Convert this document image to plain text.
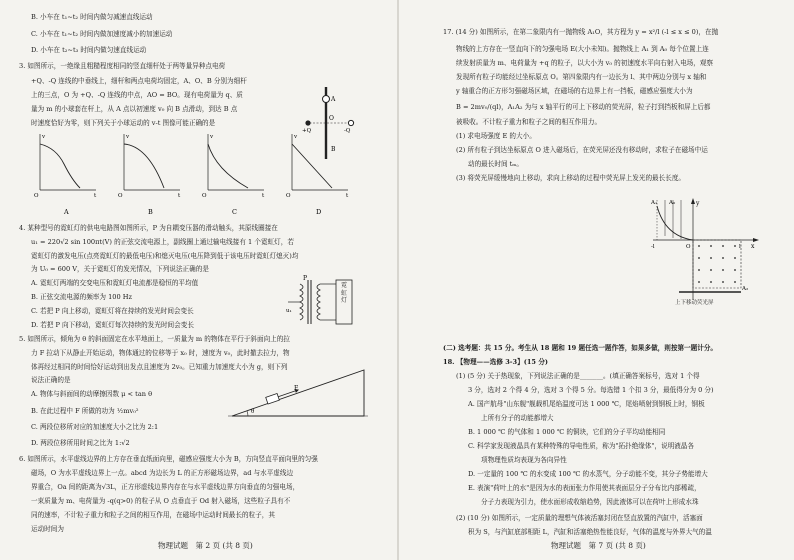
B. 小车在 t₁~t₂ 时间内做匀减速直线运动
C. 小车在 t₁~t₂ 时间内做加速度减小的加速运动
D. 小车在 t₂~t₃ 时间内做匀速直线运动
3. 如图所示，一绝缘且粗糙程度相同的竖直细杆处于两等量异种点电荷
+Q、-Q 连线的中垂线上，细杆和两点电荷均固定，A、O、B 分别为细杆
上的三点，O 为 +Q、-Q 连线的中点，AO = BO。现有电荷量为 q、质
量为 m 的小球套在杆上，从 A 点以初速度 v₀ 向 B 点滑动，到达 B 点
时速度恰好为零，则下列关于小球运动的 v-t 图像可能正确的是
4. 某种型号的霓虹灯的供电电路图如图所示，P 为自耦变压器的滑动触头，其原线圈接在
u₁ = 220√2 sin 100πt(V) 的正弦交流电源上，副线圈上通过输电线接有 1 个霓虹灯，若
霓虹灯的激发电压(点亮霓虹灯的最低电压)和熄灭电压(电压降到低于该电压时霓虹灯熄灭)均
为 U₀ = 600 V，关于霓虹灯的发光情况，下列说法正确的是
A. 霓虹灯两端的交变电压和霓虹灯电流都是稳恒的平均值
B. 正弦交流电源的频率为 100 Hz
C. 若把 P 向上移动，霓虹灯将在持续的发光时间会变长
D. 若把 P 向下移动，霓虹灯每次持续的发光时间会变长
5. 如图所示，倾角为 θ 的斜面固定在水平地面上，一质量为 m 的物体在平行于斜面向上的拉
力 F 拉动下从静止开始运动，物体通过的位移等于 x₀ 时，速度为 v₀，此时撤去拉力，物
体再经过相同的时间恰好运动到出发点且速度为 2v₀。已知重力加速度大小为 g，则下列
说法正确的是
A. 物体与斜面间的动摩擦因数 μ < tan θ
B. 在此过程中 F 所做的功为 ½mv₀²
C. 两段位移所对应的加速度大小之比为 2:1
D. 两段位移所用时间之比为 1:√2
6. 如图所示，水平虚线边界的上方存在垂直纸面向里，磁感应强度大小为 B，方向竖直平面向里的匀强
磁场，O 为水平虚线边界上一点。abcd 为边长为 L 的正方形磁场边界，ad 与水平虚线边
界重合，Oa 间的距离为√3L，正方形虚线边界内存在与水平虚线边界方向垂直的匀强电场，
一束质量为 m、电荷量为 -q(q>0) 的粒子从 O 点垂直于 Od 射入磁场，这些粒子具有不
同的速率，不计粒子重力和粒子之间的相互作用，在磁场中运动时间最长的粒子，其
运动时间为
A
O
B
+Q	-Q
v
t
O
A
v
t
O
B
v
t
O
C
v
t
O
D
P
u₁
霓虹灯
F
θ
物理试题　第 2 页 (共 8 页)
17. (14 分) 如图所示，在第二象限内有一抛物线 A₁O，其方程为 y = x²/l (-l ≤ x ≤ 0)，在抛
物线的上方存在一竖直向下的匀强电场 E(大小未知)。抛物线上 A₁ 到 A₀ 每个位置上连
续发射质量为 m、电荷量为 +q 的粒子，以大小为 v₀ 的初速度水平向右射入电场，观察
发现所有粒子均能经过坐标原点 O。第四象限内有一边长为 l、其中两边分别与 x 轴和
y 轴重合的正方形匀强磁场区域，在磁场的右边界上有一挡板，磁感应强度大小为
B = 2mv₀/(ql)，A₁A₂ 为与 x 轴平行的可上下移动的荧光屏，粒子打到挡板和屏上后都
被吸收。不计粒子重力和粒子之间的相互作用力。
(1) 求电场强度 E 的大小。
(2) 所有粒子到达坐标原点 O 进入磁场后，在荧光屏还没有移动时，求粒子在磁场中运
动的最长时间 tₘ。
(3) 将荧光屏缓慢地向上移动，求向上移动的过程中荧光屏上发光的最长长度。
(二) 选考题：共 15 分。考生从 18 题和 19 题任选一题作答，如果多做，则按第一题计分。
18. 【物理——选修 3-3】(15 分)
(1) (5 分) 关于热现象，下列说法正确的是_______。(填正确答案标号，选对 1 个得
3 分，选对 2 个得 4 分，选对 3 个得 5 分。每选错 1 个扣 3 分，最低得分为 0 分)
A. 国产航母"山东舰"舰载机尾焰温度可达 1 000 ℃，尾焰喷射到钢板上时，钢板
上所有分子的动能都增大
B. 1 000 ℃ 的气体和 1 000 ℃ 的铜块，它们的分子平均动能相同
C. 科学家发现液晶具有某种特殊的导电性质，称为"拓扑绝缘体"，说明液晶各
项物理性质均表现为各向异性
D. 一定量的 100 ℃ 的水变成 100 ℃ 的水蒸气，分子动能不变，其分子势能增大
E. 表演"荷叶上的水"是因为水的表面张力作用使其表面层分子分布比内部稀疏，
分子力表现为引力，使水面形成收缩趋势，因此液体可以在荷叶上形成水珠
(2) (10 分) 如图所示，一定质量的理想气体被活塞封闭在竖直放置的汽缸中，活塞面
积为 S，与汽缸底部相距 L，汽缸和活塞绝热性能良好，气体的温度与外界大气的温
y
x
A₁ A₀
O
-l	l
A₂
上下移动荧光屏
物理试题　第 7 页 (共 8 页)
